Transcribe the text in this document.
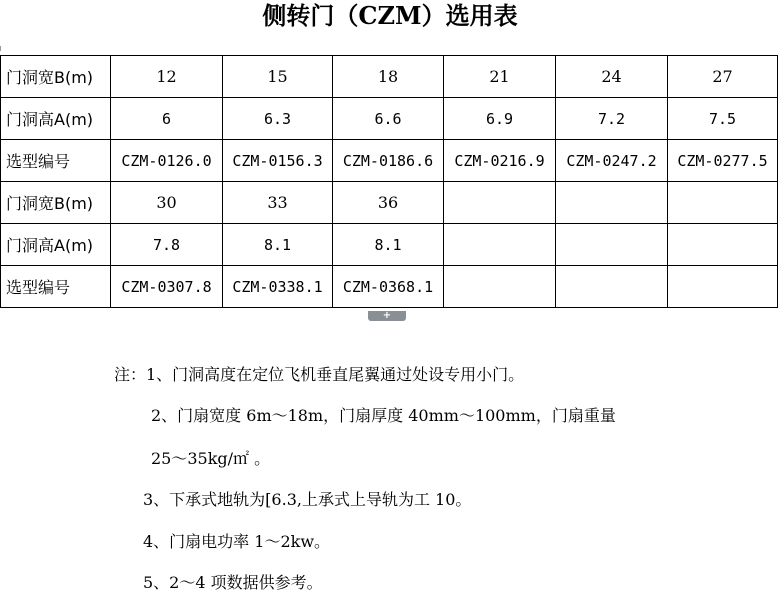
侧转门（CZM）选用表
门洞宽B(m)	12	15	18	21	24	27
门洞高A(m)	6	6.3	6.6	6.9	7.2	7.5
选型编号	CZM-0126.0	CZM-0156.3	CZM-0186.6	CZM-0216.9	CZM-0247.2	CZM-0277.5
门洞宽B(m)	30	33	36			
门洞高A(m)	7.8	8.1	8.1			
选型编号	CZM-0307.8	CZM-0338.1	CZM-0368.1			
+
注：1、门洞高度在定位飞机垂直尾翼通过处设专用小门。
2、门扇宽度 6m～18m，门扇厚度 40mm～100mm，门扇重量
25～35kg/㎡ 。
3、下承式地轨为[6.3,上承式上导轨为工 10。
4、门扇电功率 1～2kw。
5、2～4 项数据供参考。
